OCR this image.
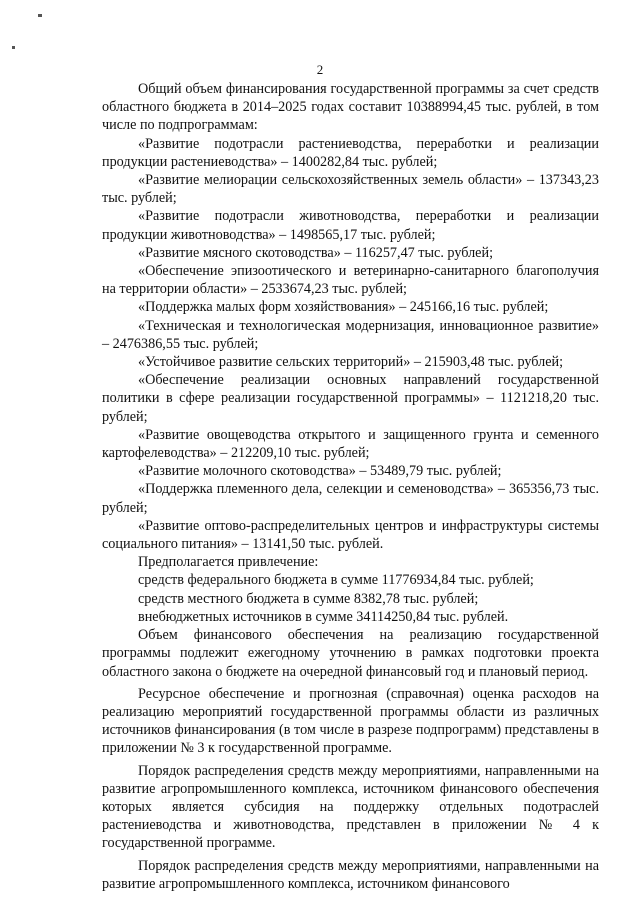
2

Общий объем финансирования государственной программы за счет средств областного бюджета в 2014–2025 годах составит 10388994,45 тыс. рублей, в том числе по подпрограммам:

«Развитие подотрасли растениеводства, переработки и реализации продукции растениеводства» – 1400282,84 тыс. рублей;

«Развитие мелиорации сельскохозяйственных земель области» – 137343,23 тыс. рублей;

«Развитие подотрасли животноводства, переработки и реализации продукции животноводства» – 1498565,17 тыс. рублей;

«Развитие мясного скотоводства» – 116257,47 тыс. рублей;

«Обеспечение эпизоотического и ветеринарно-санитарного благополучия на территории области» – 2533674,23 тыс. рублей;

«Поддержка малых форм хозяйствования» – 245166,16 тыс. рублей;

«Техническая и технологическая модернизация, инновационное развитие» – 2476386,55 тыс. рублей;

«Устойчивое развитие сельских территорий» – 215903,48 тыс. рублей;

«Обеспечение реализации основных направлений государственной политики в сфере реализации государственной программы» – 1121218,20 тыс. рублей;

«Развитие овощеводства открытого и защищенного грунта и семенного картофелеводства» – 212209,10 тыс. рублей;

«Развитие молочного скотоводства» – 53489,79 тыс. рублей;

«Поддержка племенного дела, селекции и семеноводства» – 365356,73 тыс. рублей;

«Развитие оптово-распределительных центров и инфраструктуры системы социального питания» – 13141,50 тыс. рублей.

Предполагается привлечение:

средств федерального бюджета в сумме 11776934,84 тыс. рублей;

средств местного бюджета в сумме 8382,78 тыс. рублей;

внебюджетных источников в сумме 34114250,84 тыс. рублей.

Объем финансового обеспечения на реализацию государственной программы подлежит ежегодному уточнению в рамках подготовки проекта областного закона о бюджете на очередной финансовый год и плановый период.

Ресурсное обеспечение и прогнозная (справочная) оценка расходов на реализацию мероприятий государственной программы области из различных источников финансирования (в том числе в разрезе подпрограмм) представлены в приложении № 3 к государственной программе.

Порядок распределения средств между мероприятиями, направленными на развитие агропромышленного комплекса, источником финансового обеспечения которых является субсидия на поддержку отдельных подотраслей растениеводства и животноводства, представлен в приложении № 4 к государственной программе.

Порядок распределения средств между мероприятиями, направленными на развитие агропромышленного комплекса, источником финансового
